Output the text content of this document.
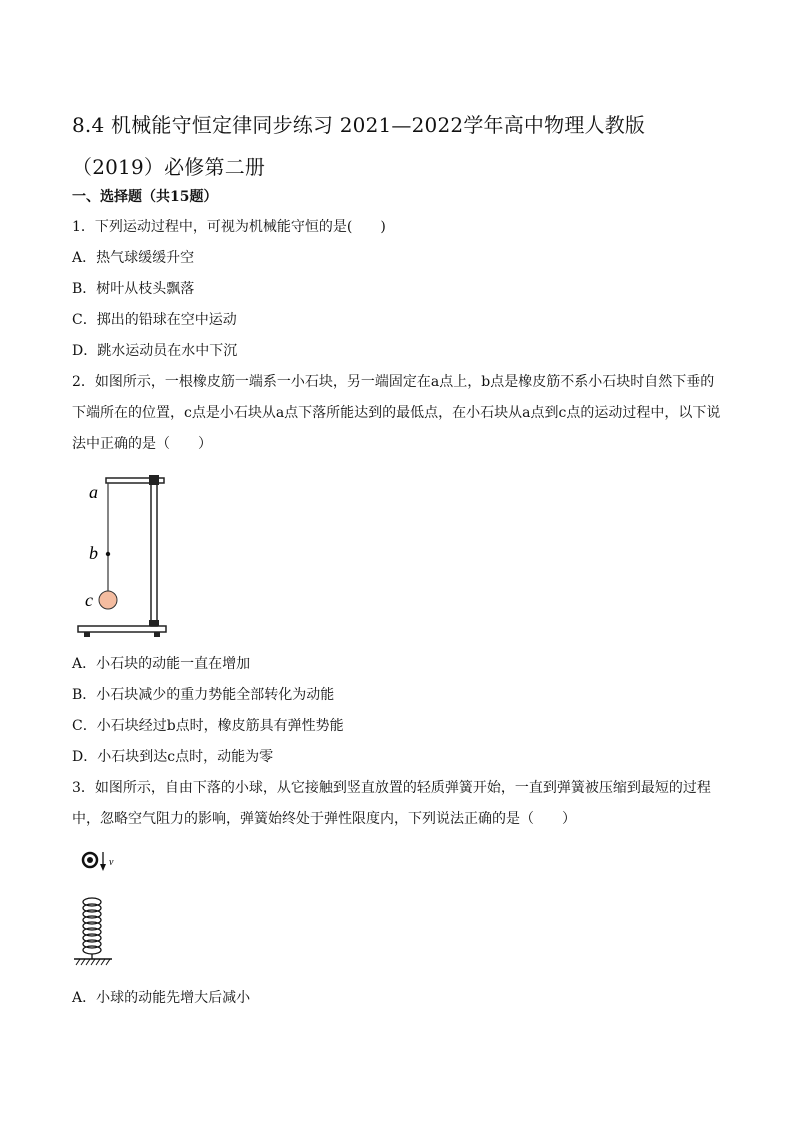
8.4 机械能守恒定律同步练习 2021—2022学年高中物理人教版（2019）必修第二册
一、选择题（共15题）
1．下列运动过程中，可视为机械能守恒的是(　　)
A．热气球缓缓升空
B．树叶从枝头飘落
C．掷出的铅球在空中运动
D．跳水运动员在水中下沉
2．如图所示，一根橡皮筋一端系一小石块，另一端固定在a点上，b点是橡皮筋不系小石块时自然下垂的下端所在的位置，c点是小石块从a点下落所能达到的最低点，在小石块从a点到c点的运动过程中，以下说法中正确的是（　　）
a
b
c
A．小石块的动能一直在增加
B．小石块减少的重力势能全部转化为动能
C．小石块经过b点时，橡皮筋具有弹性势能
D．小石块到达c点时，动能为零
3．如图所示，自由下落的小球，从它接触到竖直放置的轻质弹簧开始，一直到弹簧被压缩到最短的过程中，忽略空气阻力的影响，弹簧始终处于弹性限度内，下列说法正确的是（　　）
v
A．小球的动能先增大后减小
